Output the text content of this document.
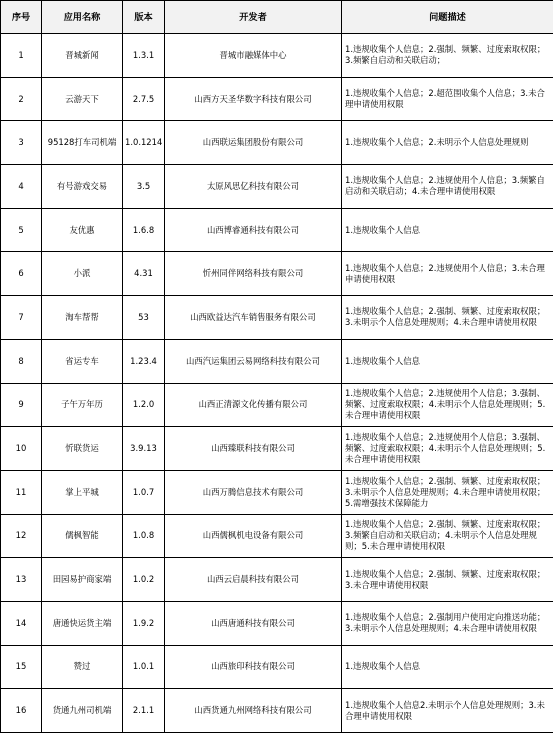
序号	应用名称	版本	开发者	问题描述
1	晋城新闻	1.3.1	晋城市融媒体中心	1.违规收集个人信息；2.强制、频繁、过度索取权限；3.频繁自启动和关联启动；
2	云游天下	2.7.5	山西方天圣华数字科技有限公司	1.违规收集个人信息；2.超范围收集个人信息；3.未合理申请使用权限
3	95128打车司机端	1.0.1214	山西联运集团股份有限公司	1.违规收集个人信息；2.未明示个人信息处理规则
4	有号游戏交易	3.5	太原风思亿科技有限公司	1.违规收集个人信息；2.违规使用个人信息；3.频繁自启动和关联启动；4.未合理申请使用权限
5	友优惠	1.6.8	山西博睿通科技有限公司	1.违规收集个人信息
6	小派	4.31	忻州同伴网络科技有限公司	1.违规收集个人信息；2.违规使用个人信息；3.未合理申请使用权限
7	淘车帮帮	53	山西欧益达汽车销售服务有限公司	1.违规收集个人信息；2.强制、频繁、过度索取权限；3.未明示个人信息处理规则；4.未合理申请使用权限
8	省运专车	1.23.4	山西汽运集团云易网络科技有限公司	1.违规收集个人信息
9	子午万年历	1.2.0	山西正清源文化传播有限公司	1.违规收集个人信息；2.违规使用个人信息；3.强制、频繁、过度索取权限；4.未明示个人信息处理规则；5.未合理申请使用权限
10	忻联货运	3.9.13	山西臻联科技有限公司	1.违规收集个人信息；2.违规使用个人信息；3.强制、频繁、过度索取权限；4.未明示个人信息处理规则；5.未合理申请使用权限
11	掌上平城	1.0.7	山西万腾信息技术有限公司	1.违规收集个人信息；2.强制、频繁、过度索取权限；3.未明示个人信息处理规则；4.未合理申请使用权限；5.需增强技术保障能力
12	儒枫智能	1.0.8	山西儒枫机电设备有限公司	1.违规收集个人信息；2.强制、频繁、过度索取权限；3.频繁自启动和关联启动；4.未明示个人信息处理规则；5.未合理申请使用权限
13	田园易护商家端	1.0.2	山西云启晨科技有限公司	1.违规收集个人信息；2.强制、频繁、过度索取权限；3.未合理申请使用权限
14	唐通快运货主端	1.9.2	山西唐通科技有限公司	1.违规收集个人信息；2.强制用户使用定向推送功能；3.未明示个人信息处理规则；4.未合理申请使用权限
15	赞过	1.0.1	山西旅印科技有限公司	1.违规收集个人信息
16	货通九州司机端	2.1.1	山西货通九州网络科技有限公司	1.违规收集个人信息2.未明示个人信息处理规则；3.未合理申请使用权限
